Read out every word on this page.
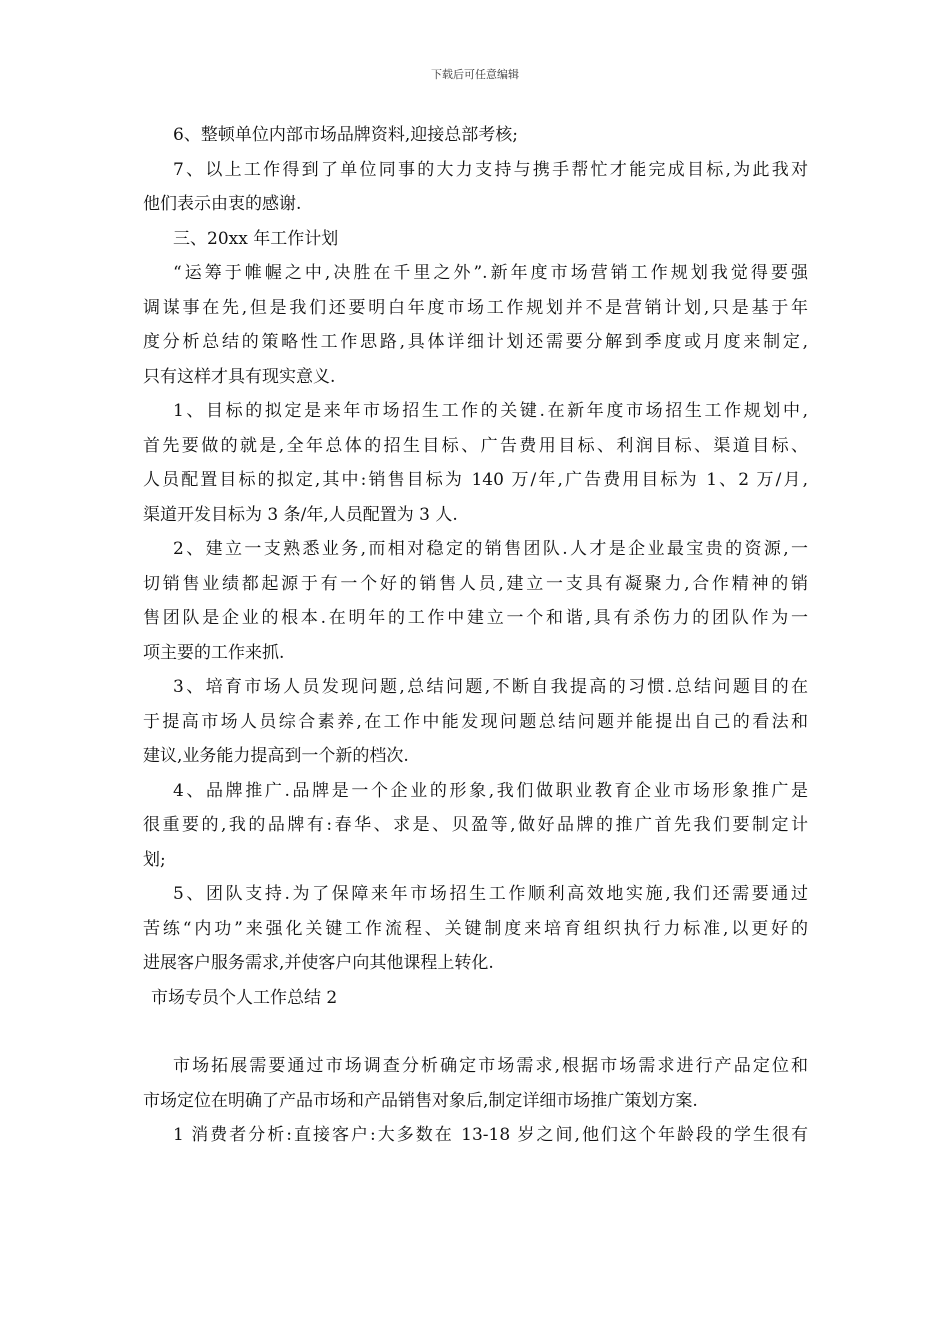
下载后可任意编辑
6、整顿单位内部市场品牌资料,迎接总部考核;
7、以上工作得到了单位同事的大力支持与携手帮忙才能完成目标,为此我对
他们表示由衷的感谢.
三、20xx 年工作计划
“运筹于帷幄之中,决胜在千里之外”.新年度市场营销工作规划我觉得要强
调谋事在先,但是我们还要明白年度市场工作规划并不是营销计划,只是基于年
度分析总结的策略性工作思路,具体详细计划还需要分解到季度或月度来制定,
只有这样才具有现实意义.
1、目标的拟定是来年市场招生工作的关键.在新年度市场招生工作规划中,
首先要做的就是,全年总体的招生目标、广告费用目标、利润目标、渠道目标、
人员配置目标的拟定,其中:销售目标为 140 万/年,广告费用目标为 1、2 万/月,
渠道开发目标为 3 条/年,人员配置为 3 人.
2、建立一支熟悉业务,而相对稳定的销售团队.人才是企业最宝贵的资源,一
切销售业绩都起源于有一个好的销售人员,建立一支具有凝聚力,合作精神的销
售团队是企业的根本.在明年的工作中建立一个和谐,具有杀伤力的团队作为一
项主要的工作来抓.
3、培育市场人员发现问题,总结问题,不断自我提高的习惯.总结问题目的在
于提高市场人员综合素养,在工作中能发现问题总结问题并能提出自己的看法和
建议,业务能力提高到一个新的档次.
4、品牌推广.品牌是一个企业的形象,我们做职业教育企业市场形象推广是
很重要的,我的品牌有:春华、求是、贝盈等,做好品牌的推广首先我们要制定计
划;
5、团队支持.为了保障来年市场招生工作顺利高效地实施,我们还需要通过
苦练“内功”来强化关键工作流程、关键制度来培育组织执行力标准,以更好的
进展客户服务需求,并使客户向其他课程上转化.
市场专员个人工作总结 2
市场拓展需要通过市场调查分析确定市场需求,根据市场需求进行产品定位和
市场定位在明确了产品市场和产品销售对象后,制定详细市场推广策划方案.
1 消费者分析:直接客户:大多数在 13-18 岁之间,他们这个年龄段的学生很有
